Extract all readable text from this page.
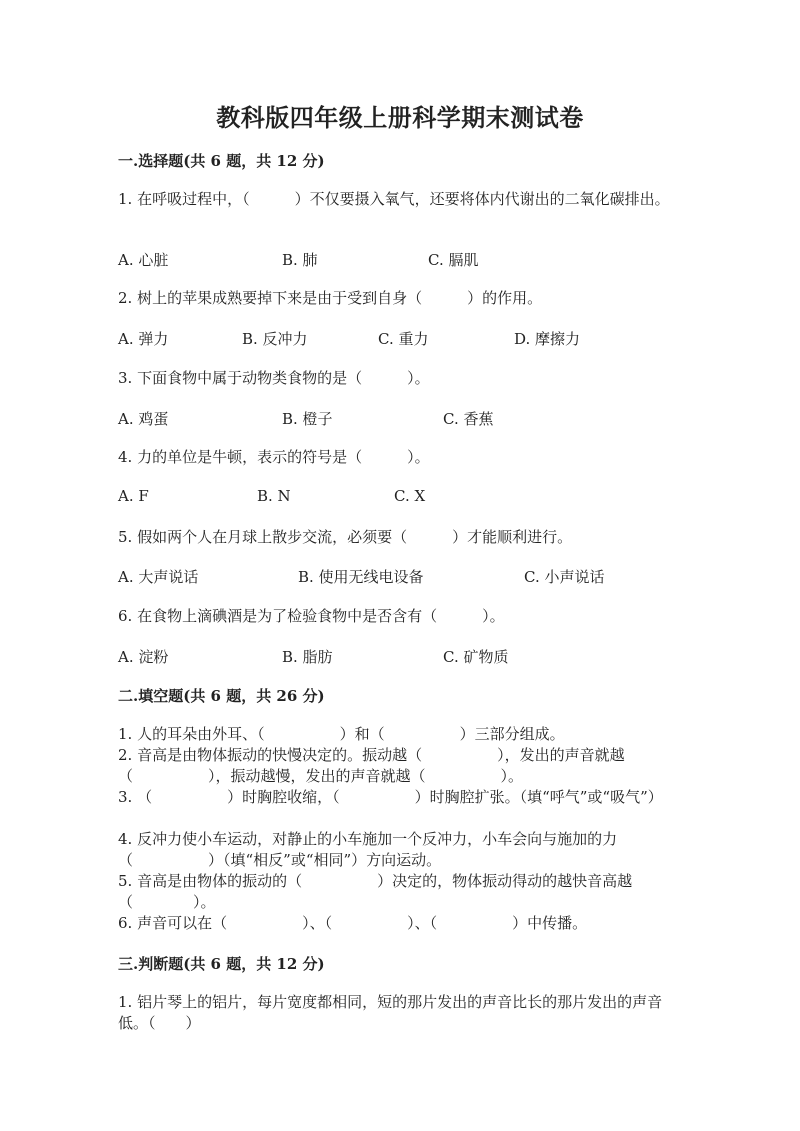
教科版四年级上册科学期末测试卷
一.选择题(共 6 题，共 12 分)
1. 在呼吸过程中，（　　　）不仅要摄入氧气，还要将体内代谢出的二氧化碳排出。
A. 心脏	B. 肺	C. 膈肌
2. 树上的苹果成熟要掉下来是由于受到自身（　　　）的作用。
A. 弹力	B. 反冲力	C. 重力	D. 摩擦力
3. 下面食物中属于动物类食物的是（　　　）。
A. 鸡蛋	B. 橙子	C. 香蕉
4. 力的单位是牛顿，表示的符号是（　　　）。
A. F	B. N	C. X
5. 假如两个人在月球上散步交流，必须要（　　　）才能顺利进行。
A. 大声说话	B. 使用无线电设备	C. 小声说话
6. 在食物上滴碘酒是为了检验食物中是否含有（　　　）。
A. 淀粉	B. 脂肪	C. 矿物质
二.填空题(共 6 题，共 26 分)
1. 人的耳朵由外耳、（　　　　　）和（　　　　　）三部分组成。
2. 音高是由物体振动的快慢决定的。振动越（　　　　　），发出的声音就越（　　　　　），振动越慢，发出的声音就越（　　　　　）。
3. （　　　　　）时胸腔收缩，（　　　　　）时胸腔扩张。（填“呼气”或“吸气”）
4. 反冲力使小车运动，对静止的小车施加一个反冲力，小车会向与施加的力（　　　　　）（填“相反”或“相同”）方向运动。
5. 音高是由物体的振动的（　　　　　）决定的，物体振动得动的越快音高越（　　　　）。
6. 声音可以在（　　　　　）、（　　　　　）、（　　　　　）中传播。
三.判断题(共 6 题，共 12 分)
1. 铝片琴上的铝片，每片宽度都相同，短的那片发出的声音比长的那片发出的声音低。（　　）
